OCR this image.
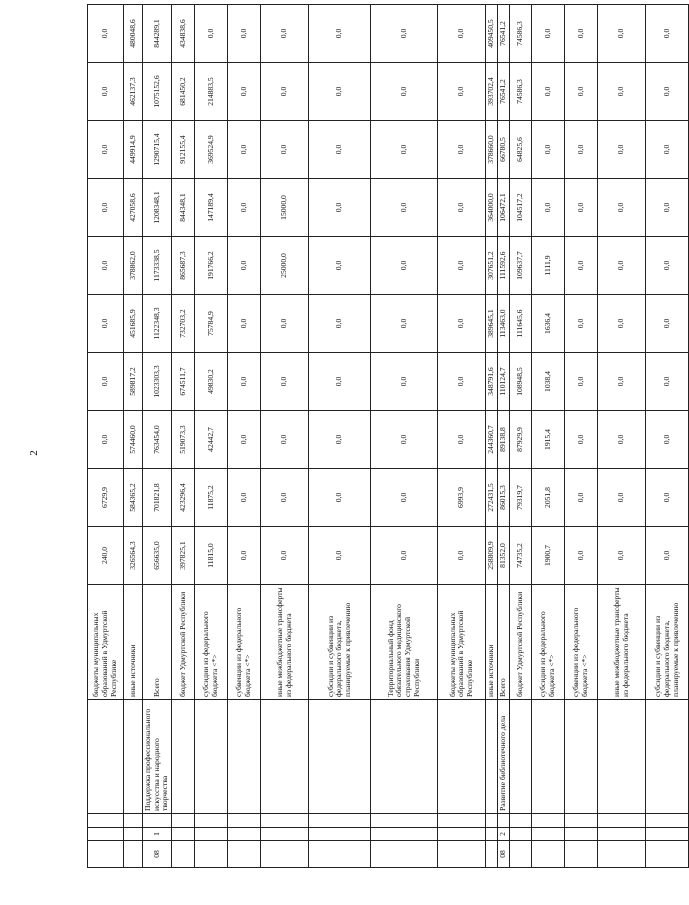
2
				бюджеты муниципальных образований в Удмуртской Республике	240,0	6729,9	0,0	0,0	0,0	0,0	0,0	0,0	0,0	0,0
				иные источники	326564,3	584365,2	574460,0	589817,2	451685,9	378862,0	427058,6	449914,9	462137,3	480048,6
08	1		Поддержка профессионального искусства и народного творчества	Всего	656635,0	701821,8	763454,0	1023303,3	1122348,3	1173338,5	1208348,1	1290715,4	1075152,6	844289,1
				бюджет Удмуртской Республики	397825,1	423296,4	519073,3	674511,7	732703,2	865687,3	844348,1	912155,4	681450,2	434838,6
				субсидии из федерального бюджета <*>	11815,0	11875,2	42442,7	49830,2	75784,9	191766,2	147189,4	369524,9	214883,5	0,0
				субвенции из федерального бюджета <*>	0,0	0,0	0,0	0,0	0,0	0,0	0,0	0,0	0,0	0,0
				иные межбюджетные трансферты из федерального бюджета	0,0	0,0	0,0	0,0	0,0	25000,0	15000,0	0,0	0,0	0,0
				субсидии и субвенции из федерального бюджета, планируемые к привлечению	0,0	0,0	0,0	0,0	0,0	0,0	0,0	0,0	0,0	0,0
				Территориальный фонд обязательного медицинского страхования Удмуртской Республики	0,0	0,0	0,0	0,0	0,0	0,0	0,0	0,0	0,0	0,0
				бюджеты муниципальных образований в Удмуртской Республике	0,0	6993,9	0,0	0,0	0,0	0,0	0,0	0,0	0,0	0,0
				иные источники	258809,9	272431,5	244360,7	348791,6	389645,1	307651,2	364000,0	378660,0	393702,4	409450,5
08	2		Развитие библиотечного дела	Всего	81352,0	86015,3	89138,8	110124,7	113463,0	111592,6	106472,1	66780,5	76541,2	76541,2
				бюджет Удмуртской Республики	74735,2	79319,7	87929,9	108948,5	111645,6	109637,7	104517,2	64825,6	74586,3	74586,3
				субсидии из федерального бюджета <*>	1900,7	2051,8	1915,4	1038,4	1636,4	1111,9	0,0	0,0	0,0	0,0
				субвенции из федерального бюджета <*>	0,0	0,0	0,0	0,0	0,0	0,0	0,0	0,0	0,0	0,0
				иные межбюджетные трансферты из федерального бюджета	0,0	0,0	0,0	0,0	0,0	0,0	0,0	0,0	0,0	0,0
				субсидии и субвенции из федерального бюджета, планируемые к привлечению	0,0	0,0	0,0	0,0	0,0	0,0	0,0	0,0	0,0	0,0
